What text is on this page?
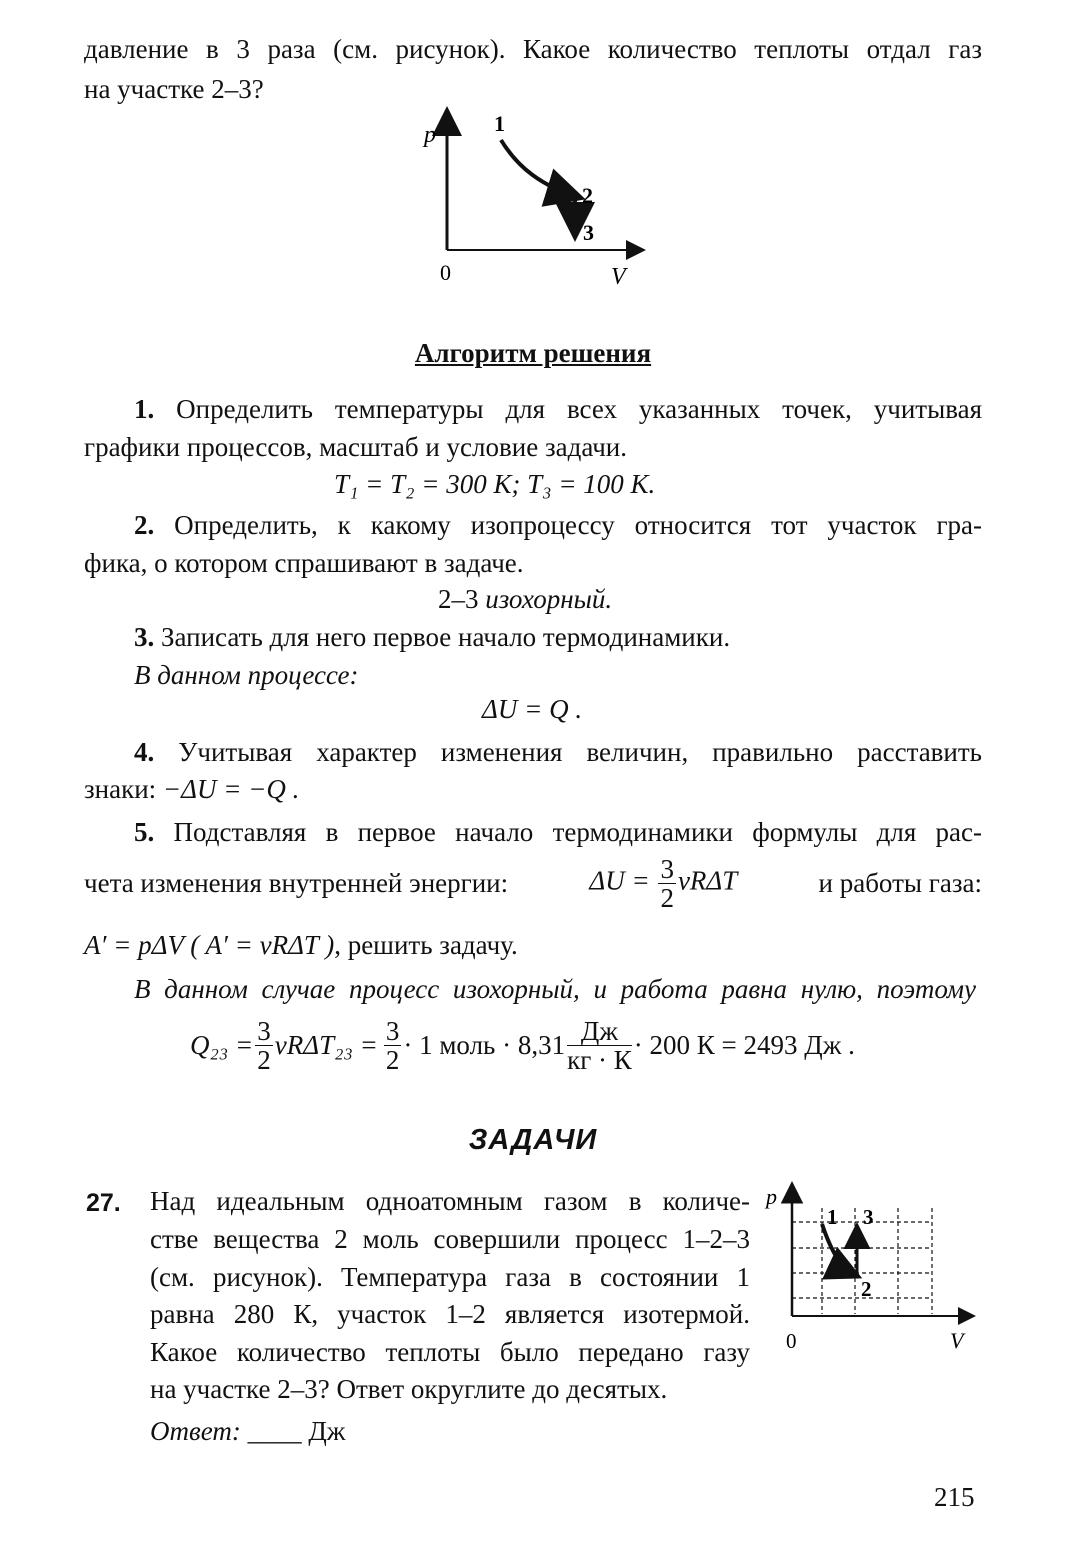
давление в 3 раза (см. рисунок). Какое количество теплоты отдал газ
на участке 2–3?
p	1
2
3
0	V
Алгоритм решения
1. Определить температуры для всех указанных точек, учитывая
графики процессов, масштаб и условие задачи.
T₁ = T₂ = 300 К; T₃ = 100 К.
2. Определить, к какому изопроцессу относится тот участок гра-
фика, о котором спрашивают в задаче.
2–3 изохорный.
3. Записать для него первое начало термодинамики.
В данном процессе:
ΔU = Q .
4. Учитывая характер изменения величин, правильно расставить
знаки: −ΔU = −Q .
5. Подставляя в первое начало термодинамики формулы для рас-
чета изменения внутренней энергии:	$\Delta U = \frac{3}{2}$ νRΔT	и работы газа:
A′ = pΔV ( A′ = νRΔT ), решить задачу.
В данном случае процесс изохорный, и работа равна нулю, поэтому
$Q_{23} = \frac{3}{2} \nu R\Delta T_{23} = \frac{3}{2} \cdot 1$ моль · $8,31 \frac{Дж}{кг \cdot К} \cdot 200$ К = 2493 Дж .
ЗАДАЧИ
27. Над идеальным одноатомным газом в количе-
стве вещества 2 моль совершили процесс 1–2–3
(см. рисунок). Температура газа в состоянии 1
равна 280 К, участок 1–2 является изотермой.
Какое количество теплоты было передано газу
на участке 2–3? Ответ округлите до десятых.
Ответ: ____ Дж
p
1 3
2
0	V
215
